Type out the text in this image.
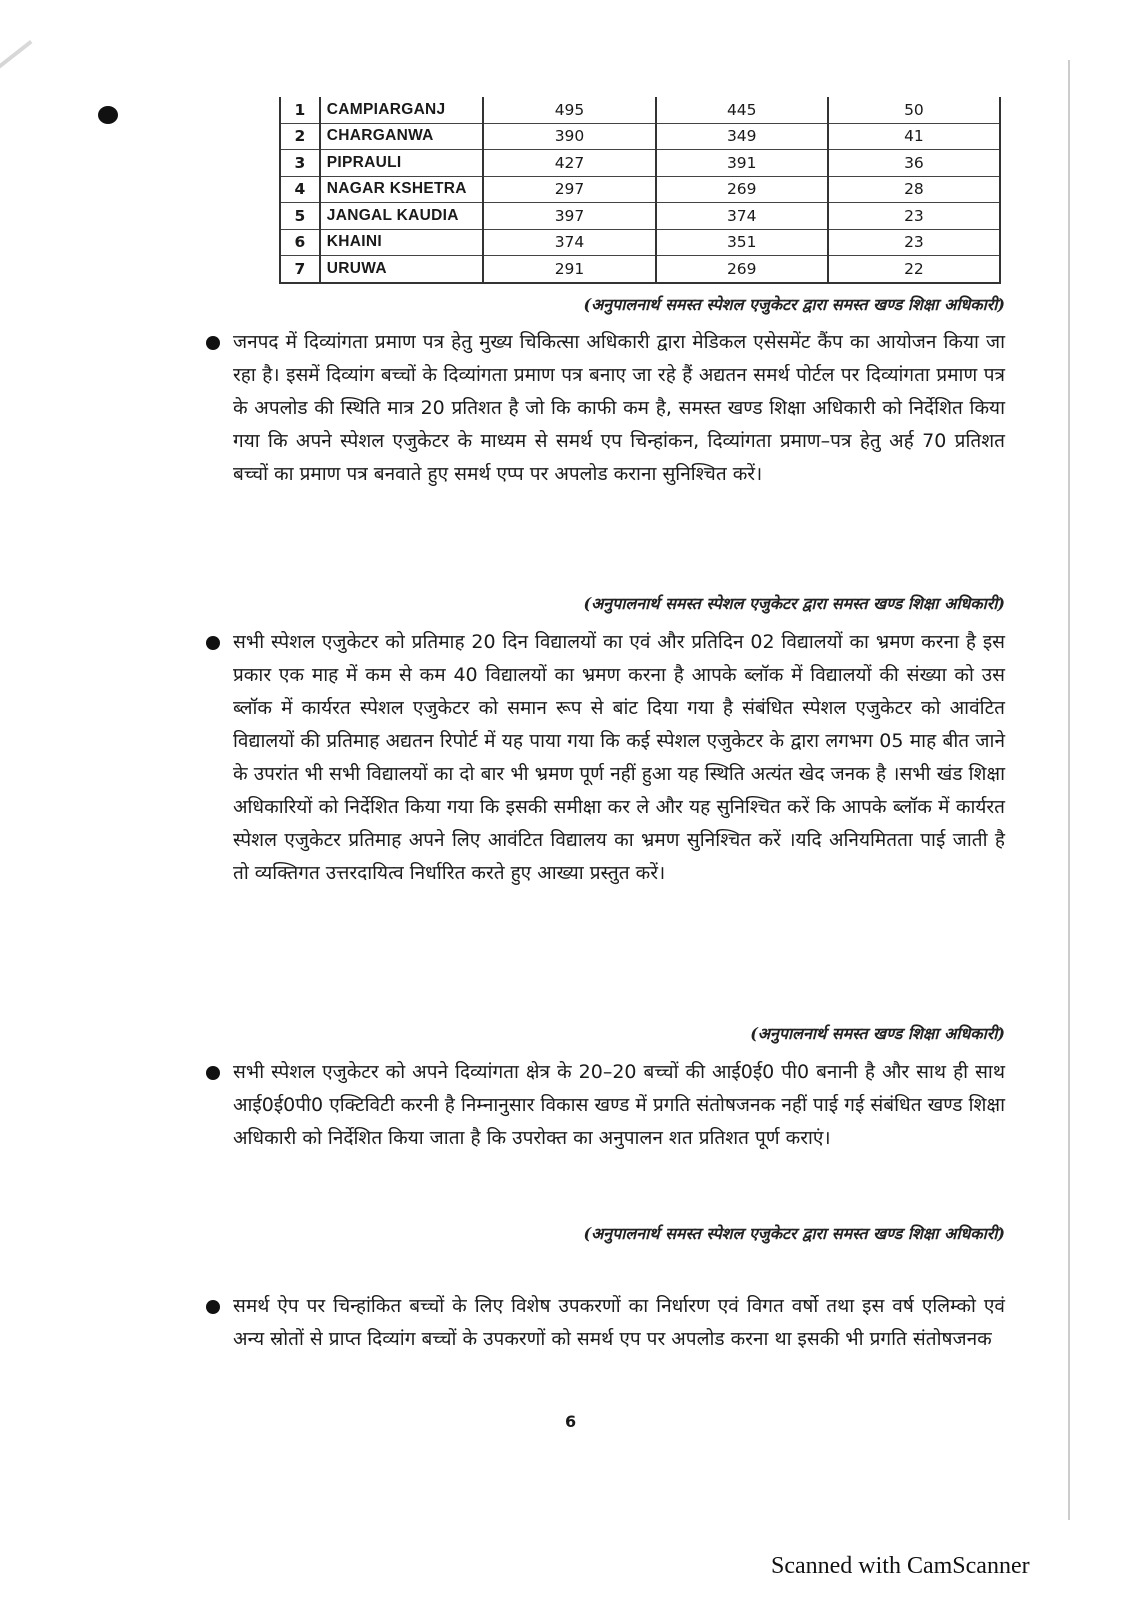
1	CAMPIARGANJ	495	445	50
2	CHARGANWA	390	349	41
3	PIPRAULI	427	391	36
4	NAGAR KSHETRA	297	269	28
5	JANGAL KAUDIA	397	374	23
6	KHAINI	374	351	23
7	URUWA	291	269	22
(अनुपालनार्थ समस्त स्पेशल एजुकेटर द्वारा समस्त खण्ड शिक्षा अधिकारी)
जनपद में दिव्यांगता प्रमाण पत्र हेतु मुख्य चिकित्सा अधिकारी द्वारा मेडिकल एसेसमेंट कैंप का आयोजन किया जा रहा है। इसमें दिव्यांग बच्चों के दिव्यांगता प्रमाण पत्र बनाए जा रहे हैं अद्यतन समर्थ पोर्टल पर दिव्यांगता प्रमाण पत्र के अपलोड की स्थिति मात्र 20 प्रतिशत है जो कि काफी कम है, समस्त खण्ड शिक्षा अधिकारी को निर्देशित किया गया कि अपने स्पेशल एजुकेटर के माध्यम से समर्थ एप चिन्हांकन, दिव्यांगता प्रमाण–पत्र हेतु अर्ह 70 प्रतिशत बच्चों का प्रमाण पत्र बनवाते हुए समर्थ एप्प पर अपलोड कराना सुनिश्चित करें।
(अनुपालनार्थ समस्त स्पेशल एजुकेटर द्वारा समस्त खण्ड शिक्षा अधिकारी)
सभी स्पेशल एजुकेटर को प्रतिमाह 20 दिन विद्यालयों का एवं और प्रतिदिन 02 विद्यालयों का भ्रमण करना है इस प्रकार एक माह में कम से कम 40 विद्यालयों का भ्रमण करना है आपके ब्लॉक में विद्यालयों की संख्या को उस ब्लॉक में कार्यरत स्पेशल एजुकेटर को समान रूप से बांट दिया गया है संबंधित स्पेशल एजुकेटर को आवंटित विद्यालयों की प्रतिमाह अद्यतन रिपोर्ट में यह पाया गया कि कई स्पेशल एजुकेटर के द्वारा लगभग 05 माह बीत जाने के उपरांत भी सभी विद्यालयों का दो बार भी भ्रमण पूर्ण नहीं हुआ यह स्थिति अत्यंत खेद जनक है ।सभी खंड शिक्षा अधिकारियों को निर्देशित किया गया कि इसकी समीक्षा कर ले और यह सुनिश्चित करें कि आपके ब्लॉक में कार्यरत स्पेशल एजुकेटर प्रतिमाह अपने लिए आवंटित विद्यालय का भ्रमण सुनिश्चित करें ।यदि अनियमितता पाई जाती है तो व्यक्तिगत उत्तरदायित्व निर्धारित करते हुए आख्या प्रस्तुत करें।
(अनुपालनार्थ समस्त खण्ड शिक्षा अधिकारी)
सभी स्पेशल एजुकेटर को अपने दिव्यांगता क्षेत्र के 20–20 बच्चों की आई0ई0 पी0 बनानी है और साथ ही साथ आई0ई0पी0 एक्टिविटी करनी है निम्नानुसार विकास खण्ड में प्रगति संतोषजनक नहीं पाई गई संबंधित खण्ड शिक्षा अधिकारी को निर्देशित किया जाता है कि उपरोक्त का अनुपालन शत प्रतिशत पूर्ण कराएं।
(अनुपालनार्थ समस्त स्पेशल एजुकेटर द्वारा समस्त खण्ड शिक्षा अधिकारी)
समर्थ ऐप पर चिन्हांकित बच्चों के लिए विशेष उपकरणों का निर्धारण एवं विगत वर्षो तथा इस वर्ष एलिम्को एवं अन्य स्रोतों से प्राप्त दिव्यांग बच्चों के उपकरणों को समर्थ एप पर अपलोड करना था इसकी भी प्रगति संतोषजनक
6
Scanned with CamScanner
